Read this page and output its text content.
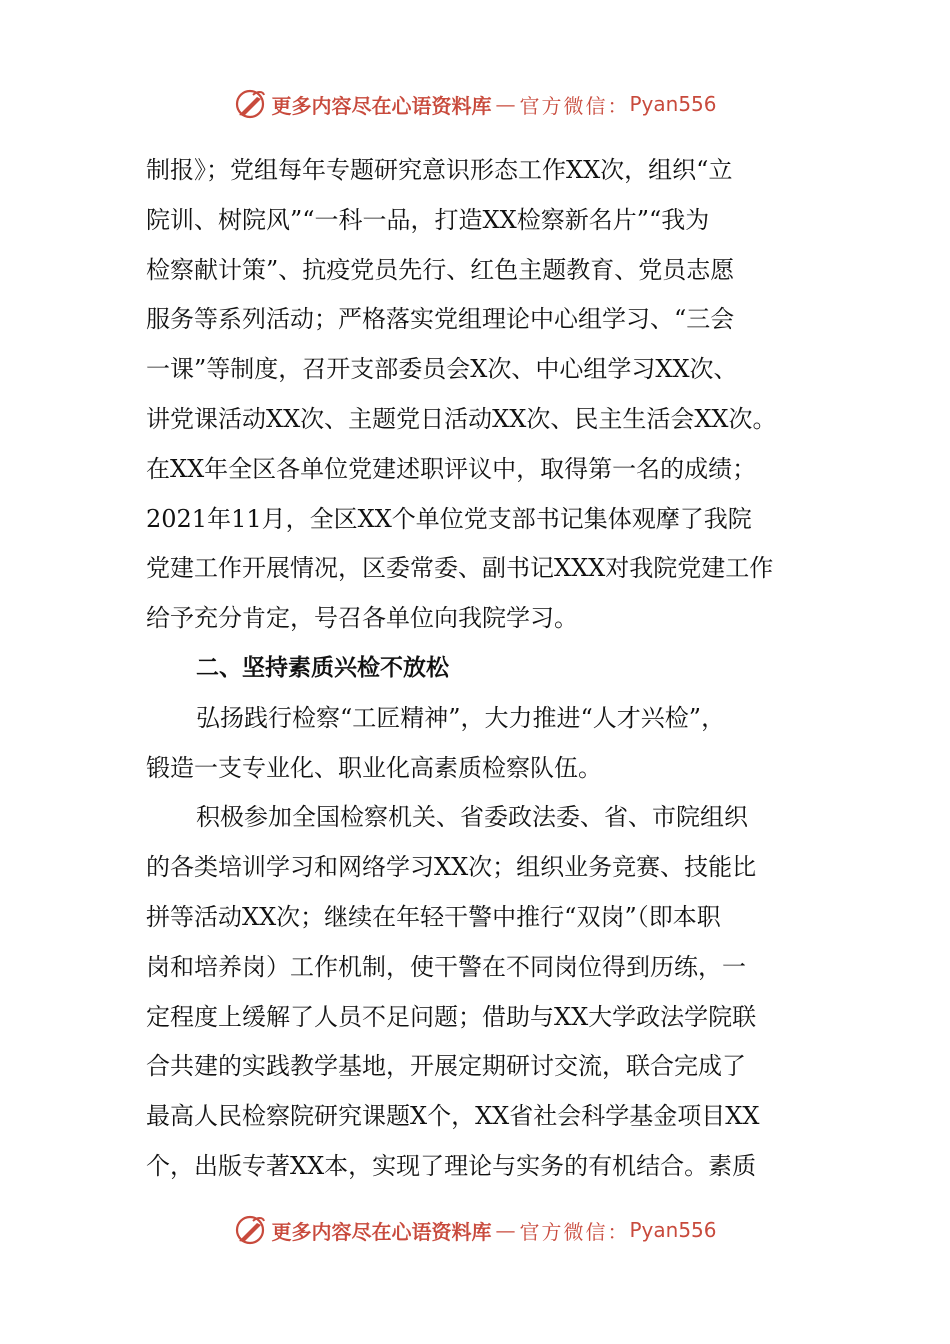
更多内容尽在心语资料库 — 官方微信： Pyan556
制报》；党组每年专题研究意识形态工作XX次，组织“立
院训、树院风”“一科一品，打造XX检察新名片”“我为
检察献计策”、抗疫党员先行、红色主题教育、党员志愿
服务等系列活动；严格落实党组理论中心组学习、“三会
一课”等制度，召开支部委员会X次、中心组学习XX次、
讲党课活动XX次、主题党日活动XX次、民主生活会XX次。
在XX年全区各单位党建述职评议中，取得第一名的成绩；
2021年11月，全区XX个单位党支部书记集体观摩了我院
党建工作开展情况，区委常委、副书记XXX对我院党建工作
给予充分肯定，号召各单位向我院学习。
二、坚持素质兴检不放松
弘扬践行检察“工匠精神”，大力推进“人才兴检”，
锻造一支专业化、职业化高素质检察队伍。
积极参加全国检察机关、省委政法委、省、市院组织
的各类培训学习和网络学习XX次；组织业务竞赛、技能比
拼等活动XX次；继续在年轻干警中推行“双岗”（即本职
岗和培养岗）工作机制，使干警在不同岗位得到历练，一
定程度上缓解了人员不足问题；借助与XX大学政法学院联
合共建的实践教学基地，开展定期研讨交流，联合完成了
最高人民检察院研究课题X个，XX省社会科学基金项目XX
个，出版专著XX本，实现了理论与实务的有机结合。素质
更多内容尽在心语资料库 — 官方微信： Pyan556
